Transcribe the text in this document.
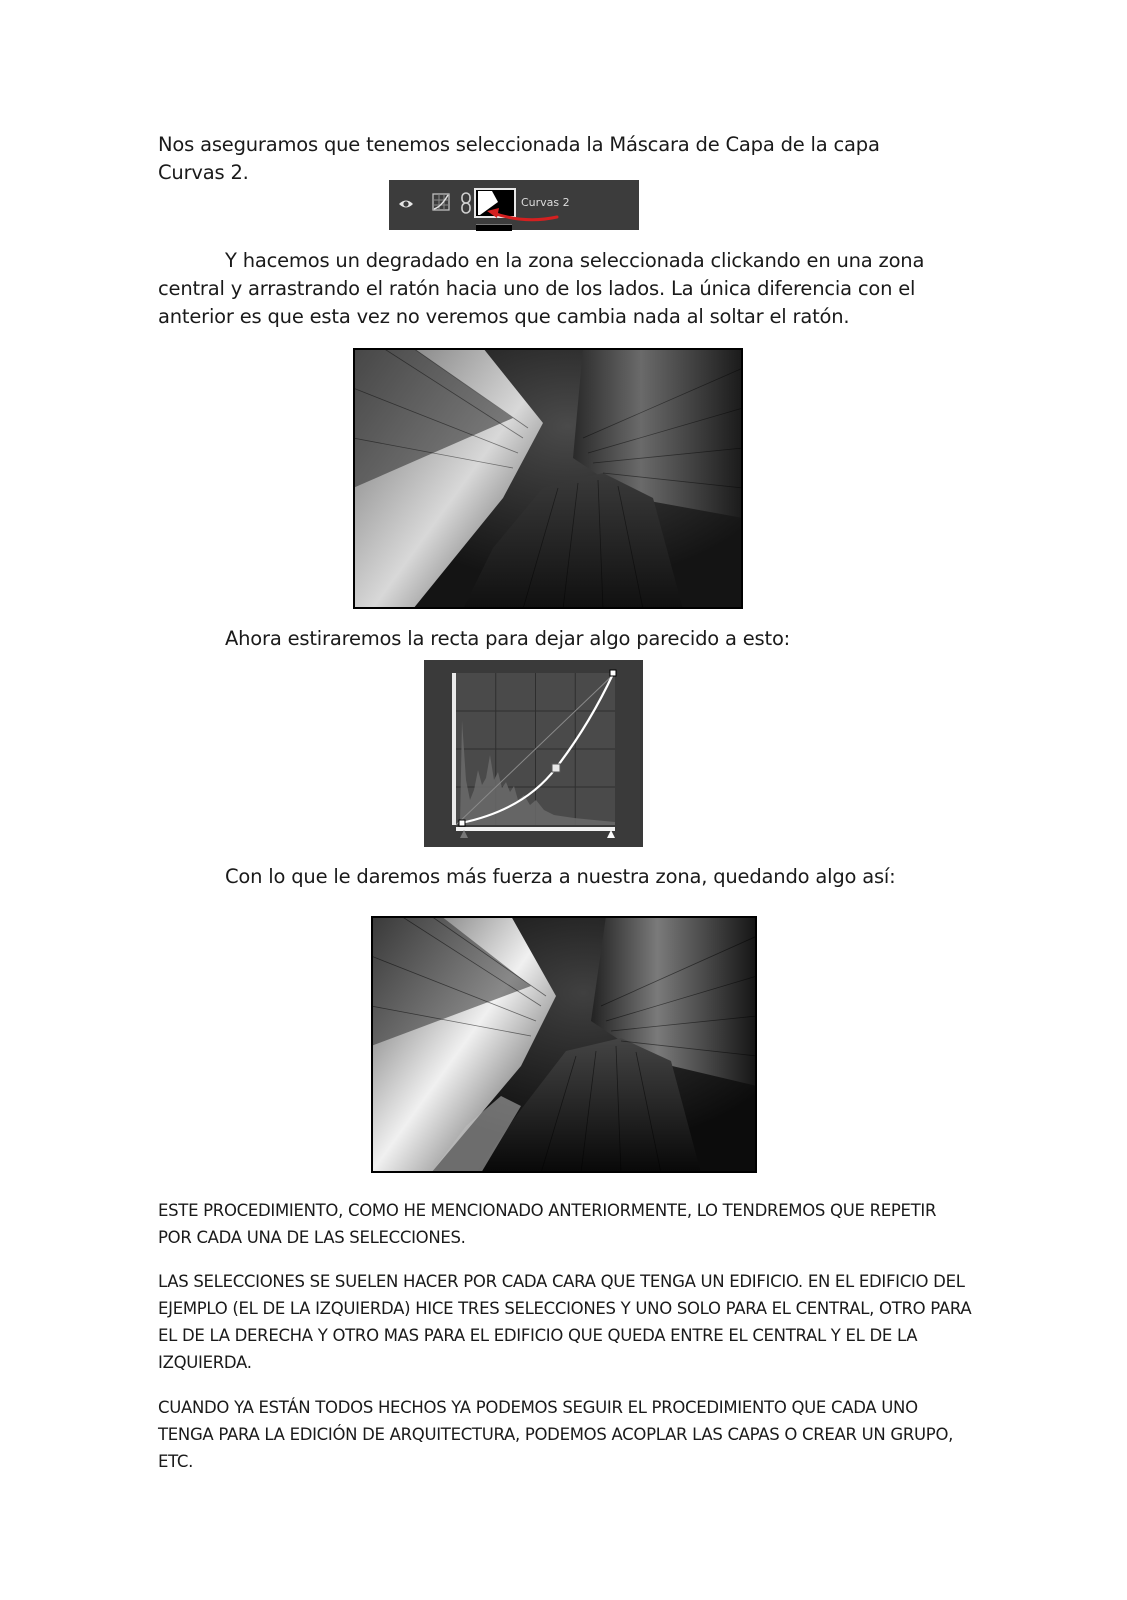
Nos aseguramos que tenemos seleccionada la Máscara de Capa de la capa Curvas 2.

Curvas 2

Y hacemos un degradado en la zona seleccionada clickando en una zona central y arrastrando el ratón hacia uno de los lados. La única diferencia con el anterior es que esta vez no veremos que cambia nada al soltar el ratón.

Ahora estiraremos la recta para dejar algo parecido a esto:

Con lo que le daremos más fuerza a nuestra zona, quedando algo así:

ESTE PROCEDIMIENTO, COMO HE MENCIONADO ANTERIORMENTE, LO TENDREMOS QUE REPETIR POR CADA UNA DE LAS SELECCIONES.

LAS SELECCIONES SE SUELEN HACER POR CADA CARA QUE TENGA UN EDIFICIO. EN EL EDIFICIO DEL EJEMPLO (EL DE LA IZQUIERDA) HICE TRES SELECCIONES Y UNO SOLO PARA EL CENTRAL, OTRO PARA EL DE LA DERECHA Y OTRO MAS PARA EL EDIFICIO QUE QUEDA ENTRE EL CENTRAL Y EL DE LA IZQUIERDA.

CUANDO YA ESTÁN TODOS HECHOS YA PODEMOS SEGUIR EL PROCEDIMIENTO QUE CADA UNO TENGA PARA LA EDICIÓN DE ARQUITECTURA, PODEMOS ACOPLAR LAS CAPAS O CREAR UN GRUPO, ETC.
